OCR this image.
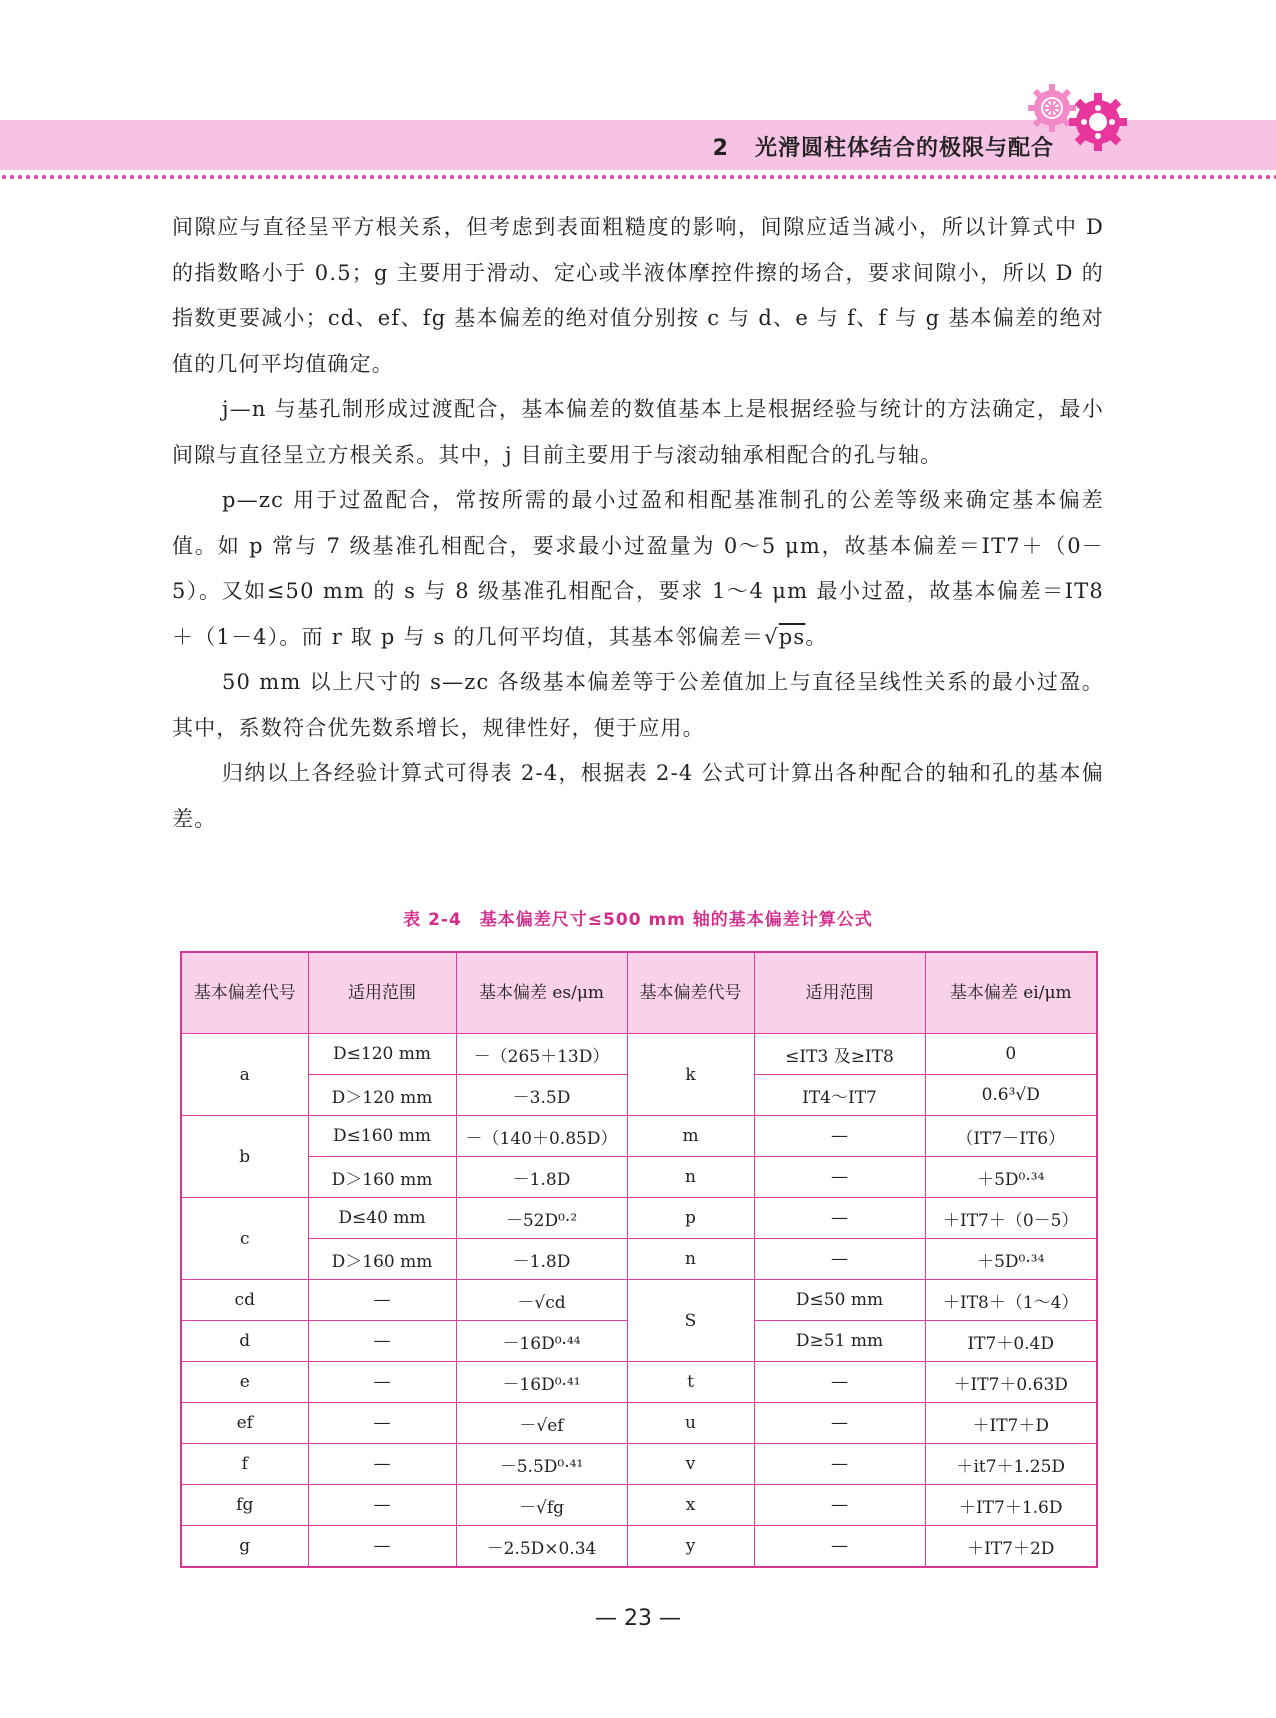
2 光滑圆柱体结合的极限与配合

间隙应与直径呈平方根关系，但考虑到表面粗糙度的影响，间隙应适当减小，所以计算式中 D 的指数略小于 0.5；g 主要用于滑动、定心或半液体摩控件擦的场合，要求间隙小，所以 D 的指数更要减小；cd、ef、fg 基本偏差的绝对值分别按 c 与 d、e 与 f、f 与 g 基本偏差的绝对值的几何平均值确定。

j—n 与基孔制形成过渡配合，基本偏差的数值基本上是根据经验与统计的方法确定，最小间隙与直径呈立方根关系。其中，j 目前主要用于与滚动轴承相配合的孔与轴。

p—zc 用于过盈配合，常按所需的最小过盈和相配基准制孔的公差等级来确定基本偏差值。如 p 常与 7 级基准孔相配合，要求最小过盈量为 0～5 μm，故基本偏差＝IT7＋（0－5）。又如≤50 mm 的 s 与 8 级基准孔相配合，要求 1～4 μm 最小过盈，故基本偏差＝IT8＋（1－4）。而 r 取 p 与 s 的几何平均值，其基本邻偏差＝√ps。

50 mm 以上尺寸的 s—zc 各级基本偏差等于公差值加上与直径呈线性关系的最小过盈。其中，系数符合优先数系增长，规律性好，便于应用。

归纳以上各经验计算式可得表 2-4，根据表 2-4 公式可计算出各种配合的轴和孔的基本偏差。

表 2-4　基本偏差尺寸≤500 mm 轴的基本偏差计算公式
基本偏差代号	适用范围	基本偏差 es/μm	基本偏差代号	适用范围	基本偏差 ei/μm
a	D≤120 mm	－（265＋13D）	k	≤IT3 及≥IT8	0
	D＞120 mm	－3.5D		IT4～IT7	0.6³√D
b	D≤160 mm	－（140＋0.85D）	m	—	（IT7－IT6）
	D＞160 mm	－1.8D	n	—	＋5D⁰·³⁴
c	D≤40 mm	－52D⁰·²	p	—	＋IT7＋（0－5）
	D＞160 mm	－1.8D	n	—	＋5D⁰·³⁴
cd	—	－√cd	S	D≤50 mm	＋IT8＋（1～4）
d	—	－16D⁰·⁴⁴		D≥51 mm	IT7＋0.4D
e	—	－16D⁰·⁴¹	t	—	＋IT7＋0.63D
ef	—	－√ef	u	—	＋IT7＋D
f	—	－5.5D⁰·⁴¹	v	—	＋it7＋1.25D
fg	—	－√fg	x	—	＋IT7＋1.6D
g	—	－2.5D×0.34	y	—	＋IT7＋2D
— 23 —
